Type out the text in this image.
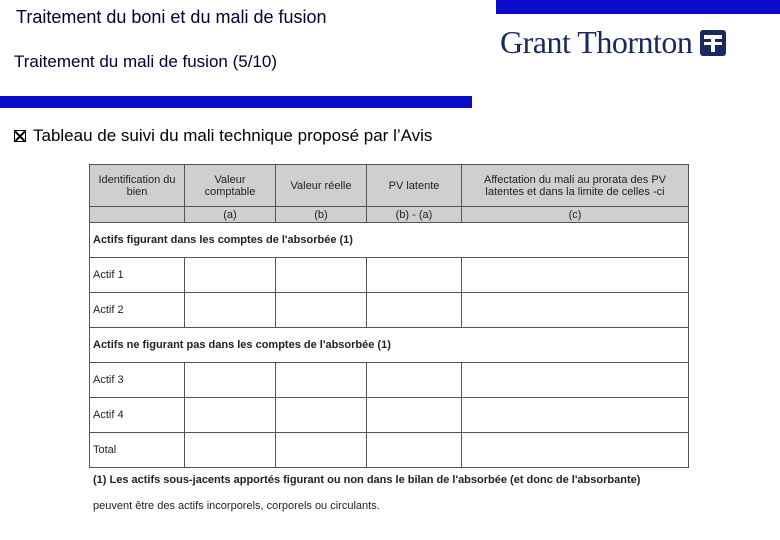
Traitement du boni et du mali de fusion
Traitement du mali de fusion (5/10)
Grant Thornton
Tableau de suivi du mali technique proposé par l’Avis
Identification du bien	Valeur comptable	Valeur réelle	PV latente	Affectation du mali au prorata des PV latentes et dans la limite de celles -ci
	(a)	(b)	(b) - (a)	(c)
Actifs figurant dans les comptes de l'absorbée (1)				
Actif 1				
Actif 2				
Actifs ne figurant pas dans les comptes de l'absorbée (1)				
Actif 3				
Actif 4				
Total				
(1) Les actifs sous-jacents apportés figurant ou non dans le bilan de l'absorbée (et donc de l'absorbante)
peuvent être des actifs incorporels, corporels ou circulants.
